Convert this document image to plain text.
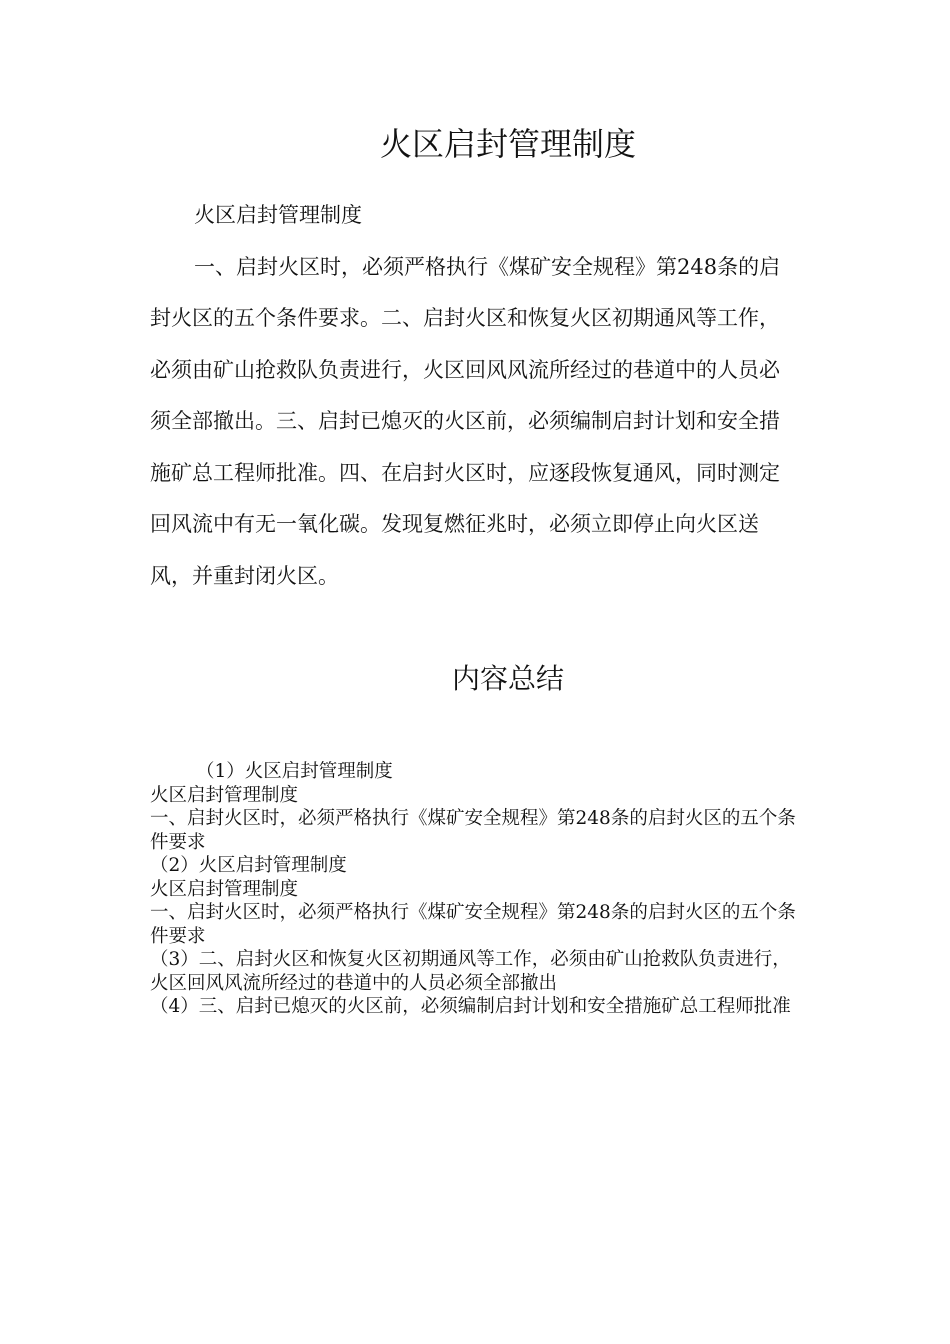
火区启封管理制度

火区启封管理制度

一、启封火区时，必须严格执行《煤矿安全规程》第248条的启封火区的五个条件要求。二、启封火区和恢复火区初期通风等工作，必须由矿山抢救队负责进行，火区回风风流所经过的巷道中的人员必须全部撤出。三、启封已熄灭的火区前，必须编制启封计划和安全措施矿总工程师批准。四、在启封火区时，应逐段恢复通风，同时测定回风流中有无一氧化碳。发现复燃征兆时，必须立即停止向火区送风，并重封闭火区。

内容总结
（1）火区启封管理制度
火区启封管理制度
一、启封火区时，必须严格执行《煤矿安全规程》第248条的启封火区的五个条件要求
（2）火区启封管理制度
火区启封管理制度
一、启封火区时，必须严格执行《煤矿安全规程》第248条的启封火区的五个条件要求
（3）二、启封火区和恢复火区初期通风等工作，必须由矿山抢救队负责进行，火区回风风流所经过的巷道中的人员必须全部撤出
（4）三、启封已熄灭的火区前，必须编制启封计划和安全措施矿总工程师批准
